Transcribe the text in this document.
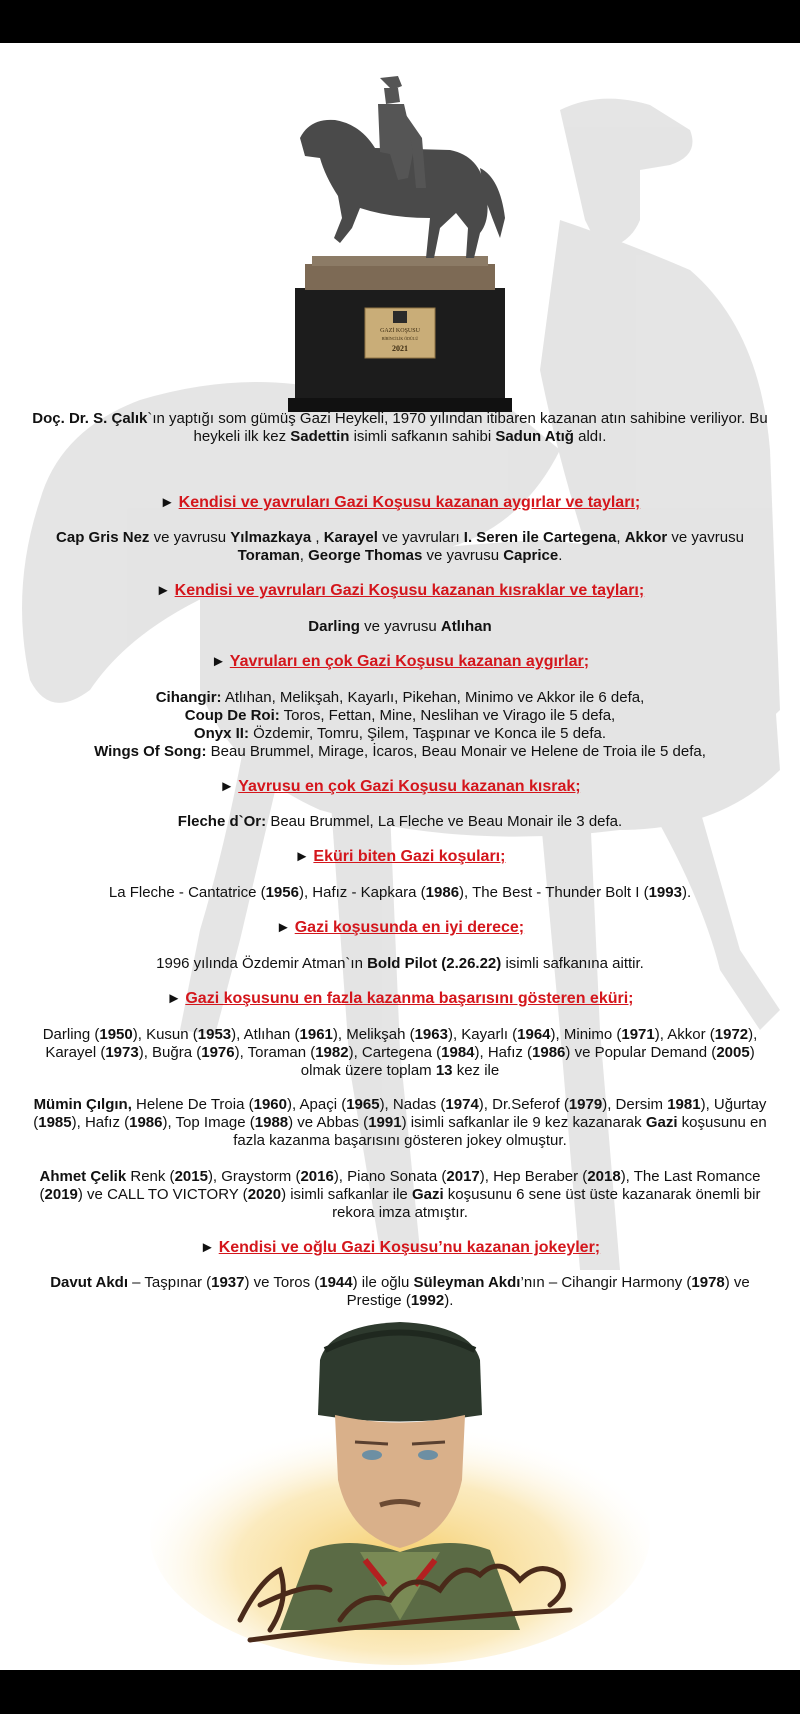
GAZİ KOŞUSU
BİRİNCİLİK ÖDÜLÜ
2021

Doç. Dr. S. Çalık`ın yaptığı som gümüş Gazi Heykeli, 1970 yılından itibaren kazanan atın sahibine veriliyor. Bu heykeli ilk kez Sadettin isimli safkanın sahibi Sadun Atığ aldı.

► Kendisi ve yavruları Gazi Koşusu kazanan aygırlar ve tayları;

Cap Gris Nez ve yavrusu Yılmazkaya , Karayel ve yavruları I. Seren ile Cartegena, Akkor ve yavrusu Toraman, George Thomas ve yavrusu Caprice.

► Kendisi ve yavruları Gazi Koşusu kazanan kısraklar ve tayları;

Darling ve yavrusu Atlıhan

► Yavruları en çok Gazi Koşusu kazanan aygırlar;

Cihangir: Atlıhan, Melikşah, Kayarlı, Pikehan, Minimo ve Akkor ile 6 defa,

Coup De Roi: Toros, Fettan, Mine, Neslihan ve Virago ile 5 defa,

Onyx II: Özdemir, Tomru, Şilem, Taşpınar ve Konca ile 5 defa.

Wings Of Song: Beau Brummel, Mirage, İcaros, Beau Monair ve Helene de Troia ile 5 defa,

► Yavrusu en çok Gazi Koşusu kazanan kısrak;

Fleche d`Or: Beau Brummel, La Fleche ve Beau Monair ile 3 defa.

► Eküri biten Gazi koşuları;

La Fleche - Cantatrice (1956), Hafız - Kapkara (1986), The Best - Thunder Bolt I (1993).

► Gazi koşusunda en iyi derece;

1996 yılında Özdemir Atman`ın Bold Pilot (2.26.22) isimli safkanına aittir.

► Gazi koşusunu en fazla kazanma başarısını gösteren eküri;

Darling (1950), Kusun (1953), Atlıhan (1961), Melikşah (1963), Kayarlı (1964), Minimo (1971), Akkor (1972), Karayel (1973), Buğra (1976), Toraman (1982), Cartegena (1984), Hafız (1986) ve Popular Demand (2005) olmak üzere toplam 13 kez ile

Mümin Çılgın, Helene De Troia (1960), Apaçi (1965), Nadas (1974), Dr.Seferof (1979), Dersim 1981), Uğurtay (1985), Hafız (1986), Top Image (1988) ve Abbas (1991) isimli safkanlar ile 9 kez kazanarak Gazi koşusunu en fazla kazanma başarısını gösteren jokey olmuştur.

Ahmet Çelik Renk (2015), Graystorm (2016), Piano Sonata (2017), Hep Beraber (2018), The Last Romance (2019) ve CALL TO VICTORY (2020) isimli safkanlar ile Gazi koşusunu 6 sene üst üste kazanarak önemli bir rekora imza atmıştır.

► Kendisi ve oğlu Gazi Koşusu’nu kazanan jokeyler;

Davut Akdı – Taşpınar (1937) ve Toros (1944) ile oğlu Süleyman Akdı’nın – Cihangir Harmony (1978) ve Prestige (1992).

K. Atatürk
